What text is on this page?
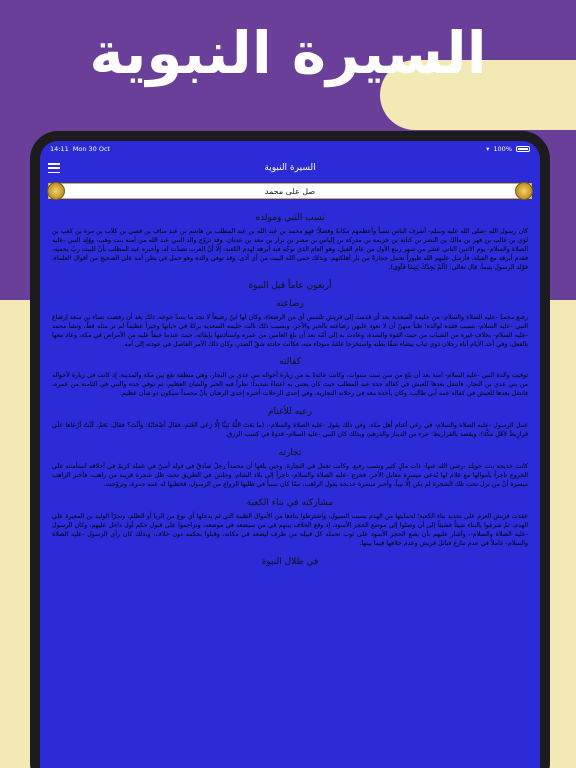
السيرة النبوية
14:11 Mon 30 Oct	▾ 100%
السيرة النبوية
صل على محمد
نسب النبي ومولده
كان رسول الله -صلى الله عليه وسلم- أشرف الناس نسباً وأعظمهم مكانةً وفضلاً؛ فهو محمد بن عبد الله بن عبد المطلب بن هاشم بن عبد مناف بن قصي بن كلاب بن مرة بن كعب بن لؤي بن غالب بن فهر بن مالك بن النضر بن كنانة بن خزيمة بن مدركة بن إلياس بن مضر بن نزار بن معد بن عدنان. وقد تزوّج والد النبي عبد الله من آمنة بنت وهب، ووُلِد النبي -عليه الصلاة والسلام- يوم الاثنين الثاني عشر من شهر ربيع الأول من عام الفيل، وهو العام الذي توجّه فيه أبرهة لهدم الكعبة، إلّا أنّ العرب تصدّت له، وأخبره عبد المطلب بأنّ للبيت ربّ يحميه، فقدم أبرهة مع الفيلة، فأرسل عليهم الله طيوراً تحمل حجارةً من نار أهلكتهم، وبذلك حمى الله البيت من أي أذى، وقد توفي والده وهو حمل في بطن أمه على الصحيح من أقوال العلماء، فوُلد الرسول يتيماً، قال تعالى: (أَلَمْ يَجِدْكَ يَتِيمًا فَآوَى).
أربعون عاماً قبل النبوة
رضاعته
رضع محمدٌ -عليه الصلاة والسلام- من حليمة السعدية بعد أن قدمت إلى قريش تلتمس أي من الرضعاء، وكان لها ابنٌ رضيعاً لا تجد ما يسدّ جوعه، ذلك بعد أن رفضت نساء بن سعد إرضاع النبي -عليه السلام- بسبب فقده لوالده؛ ظناً منهنّ أن لا نعود عليهن رضاعته بالخير والأجر، وبسبب ذلك نالت حليمة السعدية بركةً في حياتها وخيراً عظيماً لم تر مثله قطّ، ونشأ محمد -عليه السلام- بخلاف غيره من الشباب من حيث القوة والشدة، وعادت به إلى أمّه بعد أن بلغ العامين من عمره واستأذنتها بإبقائه، حيث عندما خيفاً عليه من الأمراض في مكة، وعاد معها بالفعل، وفي أحد الأيام أتاه رجلان ذوي ثياب بيضاء شقّا بطنه واستخرجا علقةً سوداء منه، فكانت حادثة شقّ الصدر، وكان ذلك الأمر الفاصل في عودته إلى أمه.
كفالته
توفيت والدة النبي -عليه السلام- آمنة بعد أن بلغ من سن ست سنوات، وكانت عائدةً به من زيارة أخواله بني عدي بن النجار، وهي منطقة تقع بين مكة والمدينة، إذ كانت في زيارة لأخواله من بني عدي بن النجار، فانتقل بعدها للعيش في كفالة جده عبد المطلب حيث كان يعتني به اعتناءً شديداً؛ نظراً فيه الخير والشأن العظيم، ثم توفي جده والنبي في الثامنة من عمره، فانتقل بعدها للعيش في كفالة عمه أبي طالب، وكان يأخذه معه في رحلاته التجارية، وفي إحدى الرحلات أخبره إحدى الرهبان بأنّ محمداً سيكون ذو شأن عظيم.
رعيه للأغنام
عمل الرسول -عليه الصلاة والسلام- في رعي أغنام أهل مكة، وفي ذلك يقول -عليه الصلاة والسلام-: (ما بَعَثَ اللَّهُ نَبِيًّا إلَّا رَعَى الغَنَمَ، فقالَ أصْحابُهُ: وأنْتَ؟ فقالَ: نَعَمْ، كُنْتُ أرْعاها علَى قَرارِيطَ لأهْلِ مَكَّةَ)، ويقصد بالقراريط: جزء من الدينار والدرهم، وبذلك كان النبي -عليه السلام- قدوةً في كسب الرزق.
تجارته
كانت خديجة بنت خويلد -رضي الله عنها- ذات مالٍ كثير ونسب رفيع، وكانت تعمل في التجارة، وحين بلغها أن محمداً رجلٌ صادقٌ في قوله أمينٌ في عمله كريمٌ في أخلاقه استأمنته على الخروج تاجراً بأموالها مع غلام لها يُدعى ميسرة مقابل الأجر، فخرج -عليه الصلاة والسلام- تاجراً إلى بلاد الشام، وجلس في الطريق تحت ظل شجرة قريبة من راهب، فأخبر الراهب ميسرة أنّ من نزل تحت تلك الشجرة لم يكن إلّا نبياً، وأخبر ميسرة خديجة بقول الراهب، ممّا كان سبباً في طلبها الزواج من الرسول، فخطبها له عمه حمزة، وتزوّجت.
مشاركته في بناء الكعبة
عقدت قريش العزم على تجديد بناء الكعبة؛ لحمايتها من الهدم بسبب السيول، واشترطوا بناءها من الأموال الطيبة التي لم يدخلها أي نوع من الربا أو الظلم، وتجرّأ الوليد بن المغيرة على الهدم، ثمّ شرعوا بالبناء شيئاً فشيئاً إلى أن وصلوا إلى موضع الحجر الأسود، إذ وقع الخلاف بينهم في من سيضعه في موضعه، وتزاحموا على قبول حكم أول داخل عليهم، وكان الرسول -عليه الصلاة والسلام-، وأشار عليهم بأن يضع الحجر الأسود على ثوب تحمله كل قبيلة من طرف ليضعه في مكانه، وقبلوا بحكمه دون خلاف، وبذلك كان رأي الرسول -عليه الصلاة والسلام- عاملاً في عدم تنازع قبائل قريش وعدم خلافها فيما بينها.
في ظلال النبوة
